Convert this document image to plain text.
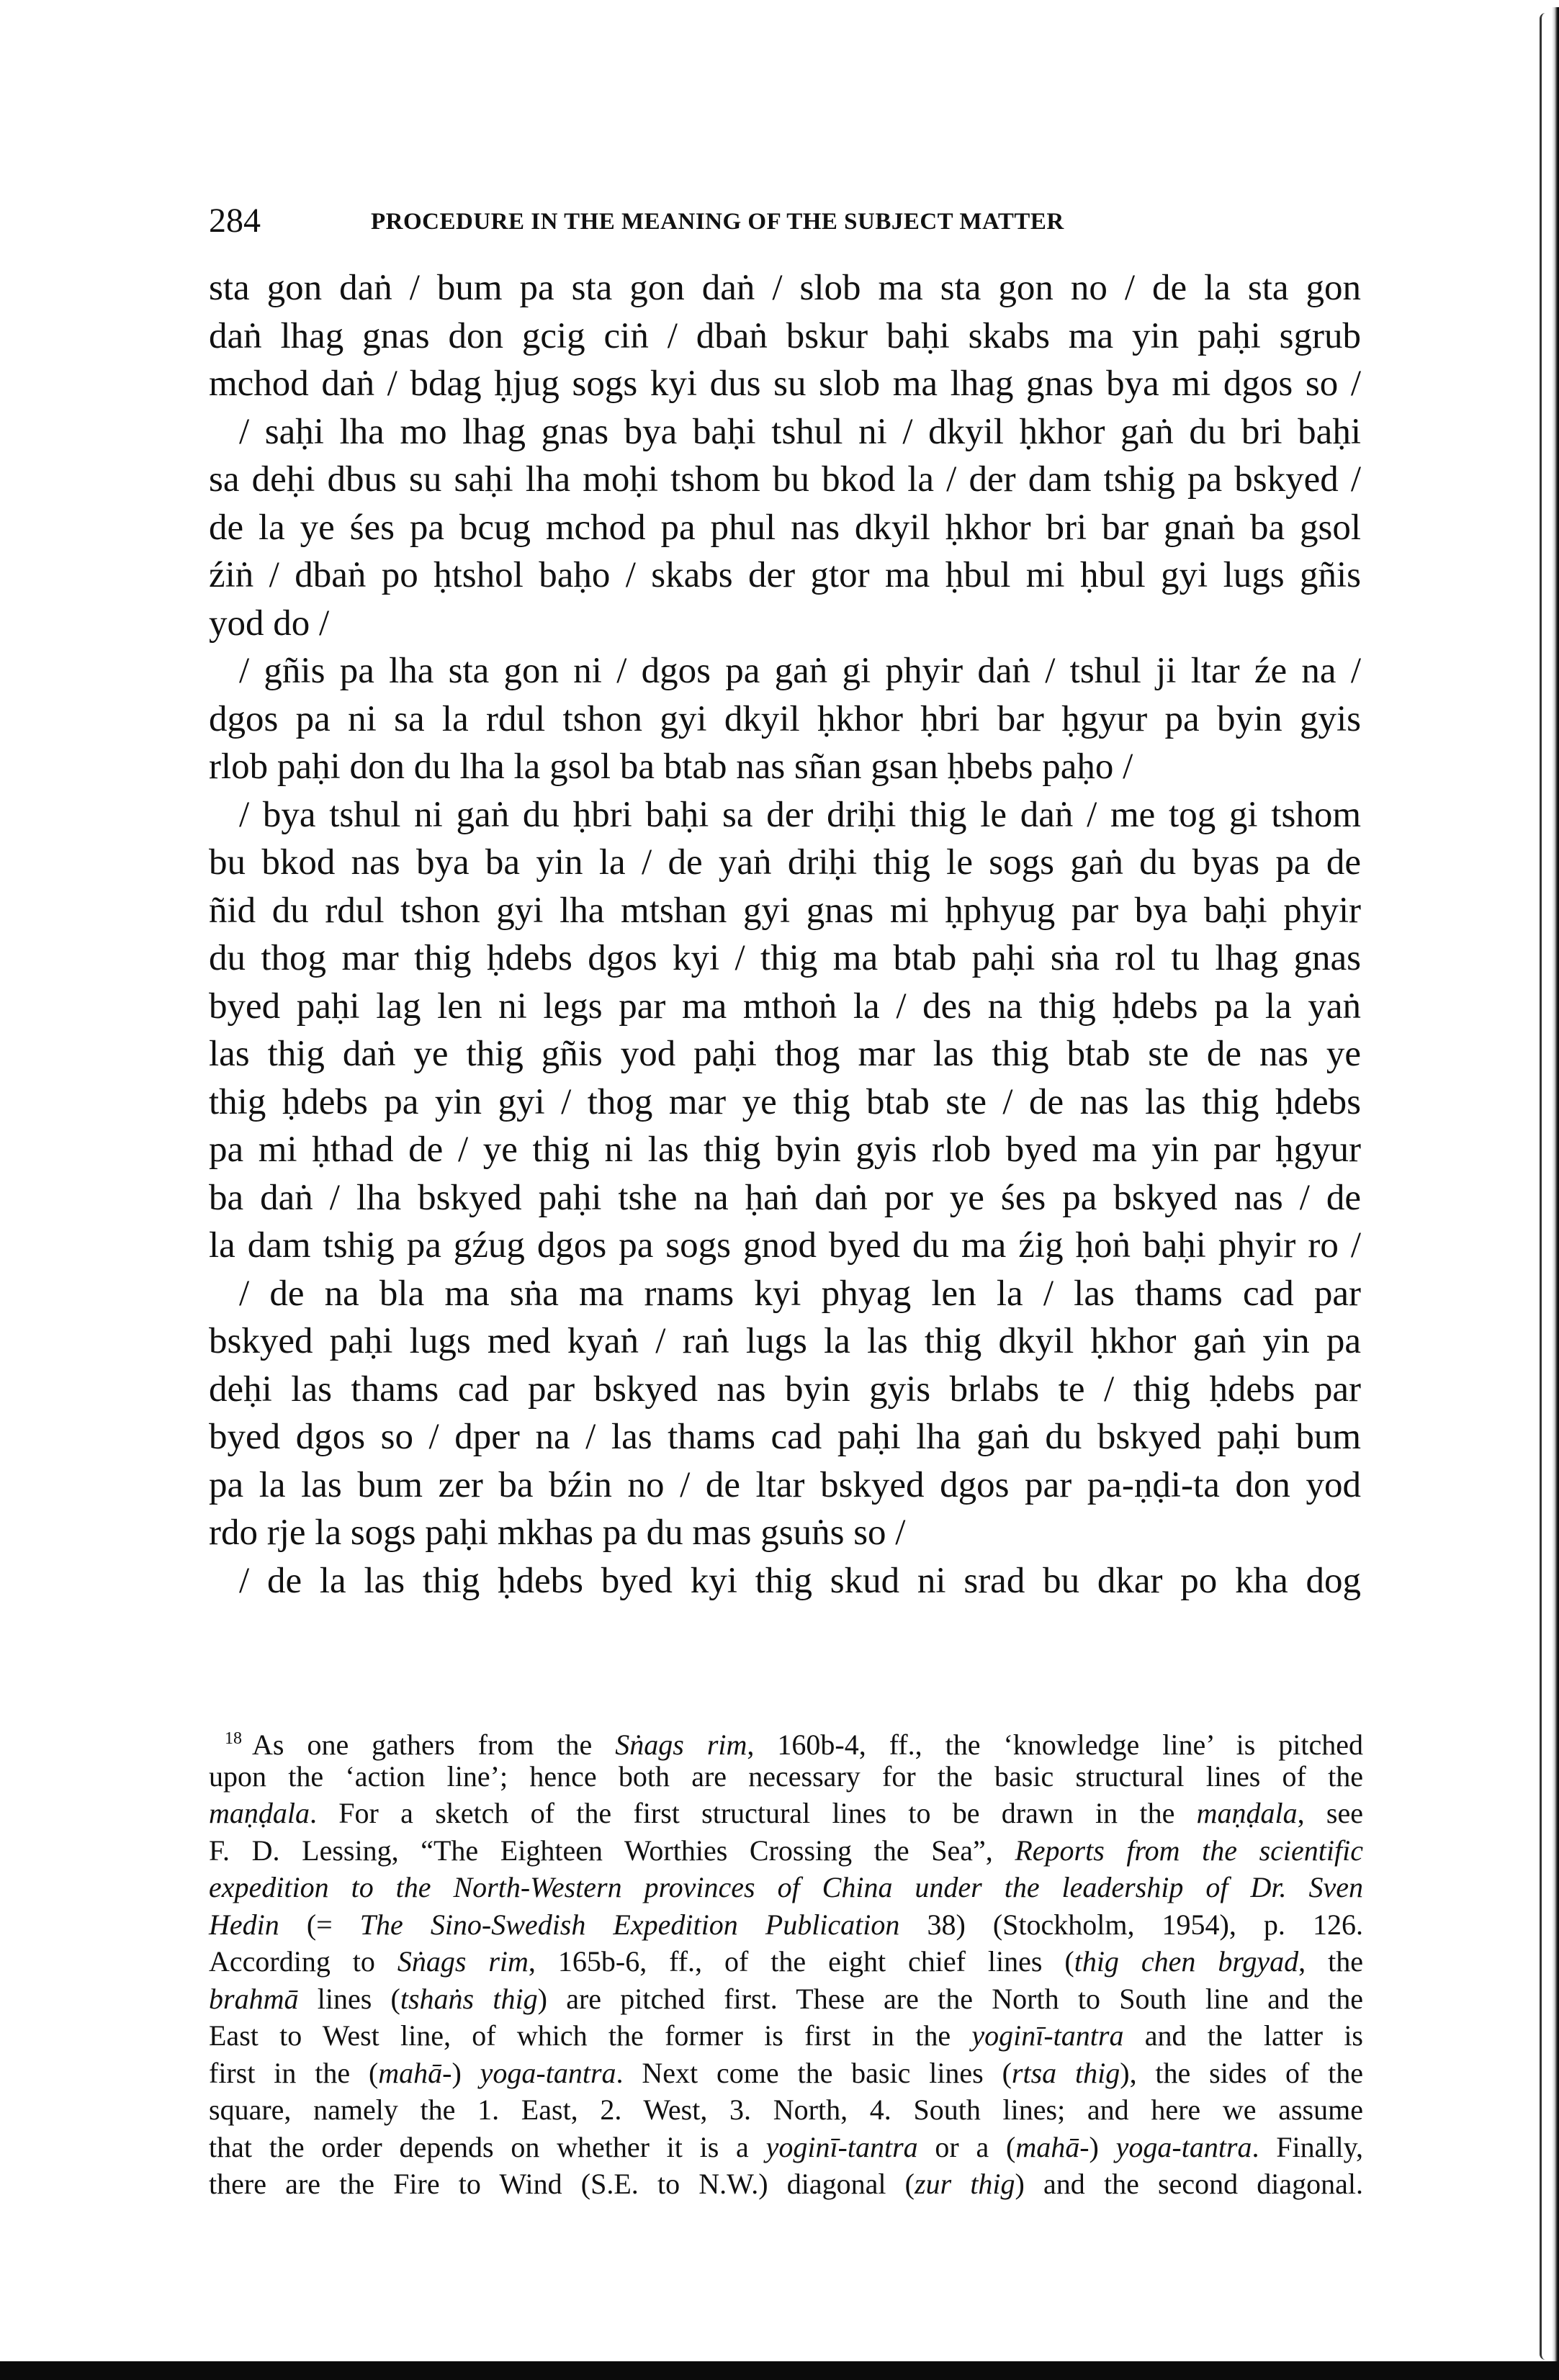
284	PROCEDURE IN THE MEANING OF THE SUBJECT MATTER
sta gon daṅ / bum pa sta gon daṅ / slob ma sta gon no / de la sta gon
daṅ lhag gnas don gcig ciṅ / dbaṅ bskur baḥi skabs ma yin paḥi sgrub
mchod daṅ / bdag ḥjug sogs kyi dus su slob ma lhag gnas bya mi dgos so /
/ saḥi lha mo lhag gnas bya baḥi tshul ni / dkyil ḥkhor gaṅ du bri baḥi
sa deḥi dbus su saḥi lha moḥi tshom bu bkod la / der dam tshig pa bskyed /
de la ye śes pa bcug mchod pa phul nas dkyil ḥkhor bri bar gnaṅ ba gsol
źiṅ / dbaṅ po ḥtshol baḥo / skabs der gtor ma ḥbul mi ḥbul gyi lugs gñis
yod do /
/ gñis pa lha sta gon ni / dgos pa gaṅ gi phyir daṅ / tshul ji ltar źe na /
dgos pa ni sa la rdul tshon gyi dkyil ḥkhor ḥbri bar ḥgyur pa byin gyis
rlob paḥi don du lha la gsol ba btab nas sñan gsan ḥbebs paḥo /
/ bya tshul ni gaṅ du ḥbri baḥi sa der driḥi thig le daṅ / me tog gi tshom
bu bkod nas bya ba yin la / de yaṅ driḥi thig le sogs gaṅ du byas pa de
ñid du rdul tshon gyi lha mtshan gyi gnas mi ḥphyug par bya baḥi phyir
du thog mar thig ḥdebs dgos kyi / thig ma btab paḥi sṅa rol tu lhag gnas
byed paḥi lag len ni legs par ma mthoṅ la / des na thig ḥdebs pa la yaṅ
las thig daṅ ye thig gñis yod paḥi thog mar las thig btab ste de nas ye
thig ḥdebs pa yin gyi / thog mar ye thig btab ste / de nas las thig ḥdebs
pa mi ḥthad de / ye thig ni las thig byin gyis rlob byed ma yin par ḥgyur
ba daṅ / lha bskyed paḥi tshe na ḥaṅ daṅ por ye śes pa bskyed nas / de
la dam tshig pa gźug dgos pa sogs gnod byed du ma źig ḥoṅ baḥi phyir ro /
/ de na bla ma sṅa ma rnams kyi phyag len la / las thams cad par
bskyed paḥi lugs med kyaṅ / raṅ lugs la las thig dkyil ḥkhor gaṅ yin pa
deḥi las thams cad par bskyed nas byin gyis brlabs te / thig ḥdebs par
byed dgos so / dper na / las thams cad paḥi lha gaṅ du bskyed paḥi bum
pa la las bum zer ba bźin no / de ltar bskyed dgos par pa-ṇḍi-ta don yod
rdo rje la sogs paḥi mkhas pa du mas gsuṅs so /
/ de la las thig ḥdebs byed kyi thig skud ni srad bu dkar po kha dog
$^{18}$ As one gathers from the Sṅags rim, 160b-4, ff., the ‘knowledge line’ is pitched
upon the ‘action line’; hence both are necessary for the basic structural lines of the
maṇḍala. For a sketch of the first structural lines to be drawn in the maṇḍala, see
F. D. Lessing, “The Eighteen Worthies Crossing the Sea”, Reports from the scientific
expedition to the North-Western provinces of China under the leadership of Dr. Sven
Hedin (= The Sino-Swedish Expedition Publication 38) (Stockholm, 1954), p. 126.
According to Sṅags rim, 165b-6, ff., of the eight chief lines (thig chen brgyad, the
brahmā lines (tshaṅs thig) are pitched first. These are the North to South line and the
East to West line, of which the former is first in the yoginī-tantra and the latter is
first in the (mahā-) yoga-tantra. Next come the basic lines (rtsa thig), the sides of the
square, namely the 1. East, 2. West, 3. North, 4. South lines; and here we assume
that the order depends on whether it is a yoginī-tantra or a (mahā-) yoga-tantra. Finally,
there are the Fire to Wind (S.E. to N.W.) diagonal (zur thig) and the second diagonal.
